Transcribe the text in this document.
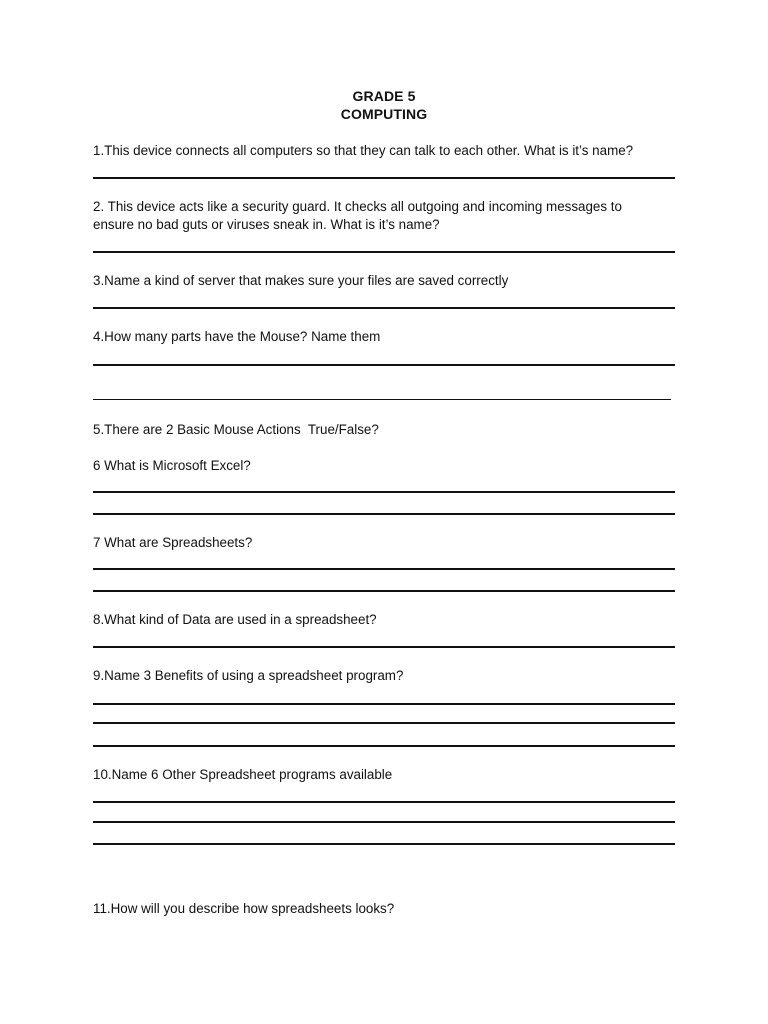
GRADE 5
COMPUTING
1.This device connects all computers so that they can talk to each other. What is it’s name?
2. This device acts like a security guard. It checks all outgoing and incoming messages to ensure no bad guts or viruses sneak in. What is it’s name?
3.Name a kind of server that makes sure your files are saved correctly
4.How many parts have the Mouse? Name them
5.There are 2 Basic Mouse Actions  True/False?
6 What is Microsoft Excel?
7 What are Spreadsheets?
8.What kind of Data are used in a spreadsheet?
9.Name 3 Benefits of using a spreadsheet program?
10.Name 6 Other Spreadsheet programs available
11.How will you describe how spreadsheets looks?
